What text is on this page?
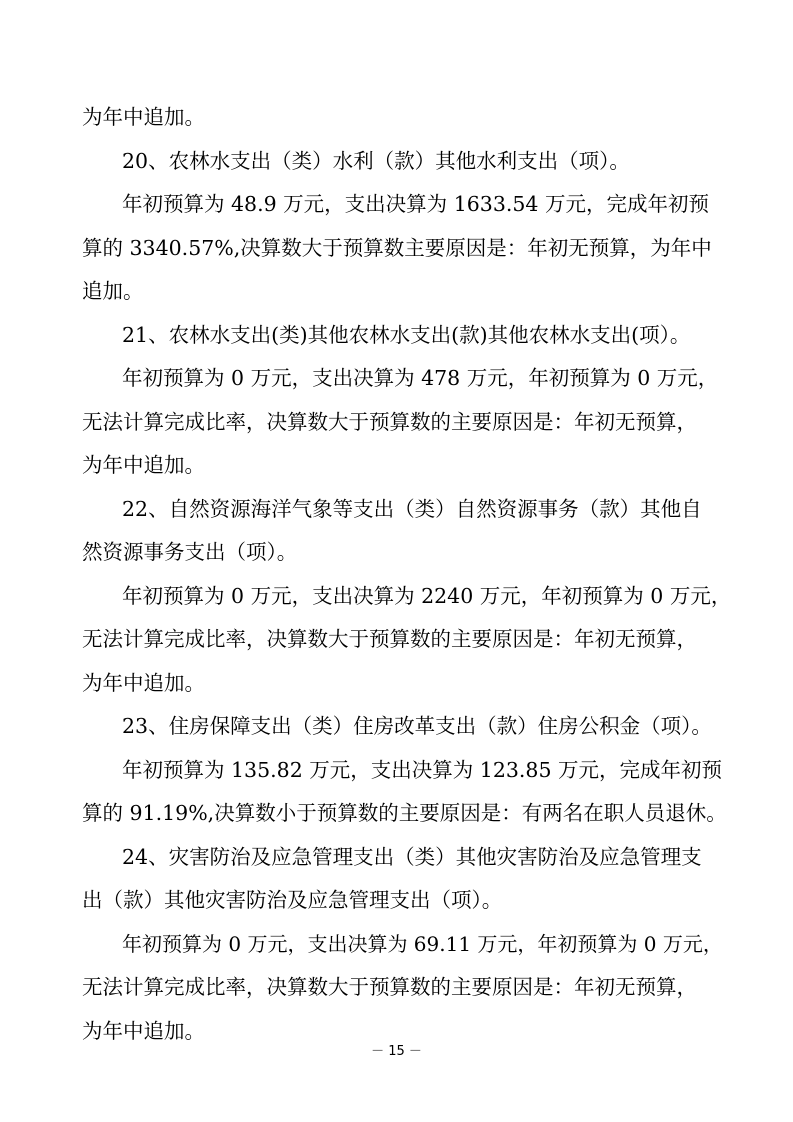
为年中追加。
20、农林水支出（类）水利（款）其他水利支出（项）。
年初预算为 48.9 万元，支出决算为 1633.54 万元，完成年初预
算的 3340.57%,决算数大于预算数主要原因是：年初无预算，为年中
追加。
21、农林水支出(类)其他农林水支出(款)其他农林水支出(项）。
年初预算为 0 万元，支出决算为 478 万元，年初预算为 0 万元，
无法计算完成比率，决算数大于预算数的主要原因是：年初无预算，
为年中追加。
22、自然资源海洋气象等支出（类）自然资源事务（款）其他自
然资源事务支出（项）。
年初预算为 0 万元，支出决算为 2240 万元，年初预算为 0 万元，
无法计算完成比率，决算数大于预算数的主要原因是：年初无预算，
为年中追加。
23、住房保障支出（类）住房改革支出（款）住房公积金（项）。
年初预算为 135.82 万元，支出决算为 123.85 万元，完成年初预
算的 91.19%,决算数小于预算数的主要原因是：有两名在职人员退休。
24、灾害防治及应急管理支出（类）其他灾害防治及应急管理支
出（款）其他灾害防治及应急管理支出（项）。
年初预算为 0 万元，支出决算为 69.11 万元，年初预算为 0 万元，
无法计算完成比率，决算数大于预算数的主要原因是：年初无预算，
为年中追加。
－ 15 －
